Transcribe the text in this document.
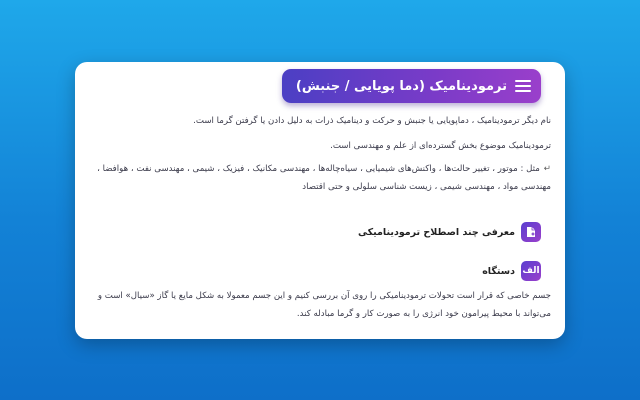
ترمودینامیک (دما پویایی / جنبش)

نام دیگر ترمودینامیک ، دماپویایی یا جنبش و حرکت و دینامیک ذرات به دلیل دادن یا گرفتن گرما است.

ترمودینامیک موضوع بخش گسترده‌ای از علم و مهندسی است.

↵مثل : موتور ، تغییر حالت‌ها ، واکنش‌های شیمیایی ، سیاه‌چاله‌ها ، مهندسی مکانیک ، فیزیک ، شیمی ، مهندسی نفت ، هوافضا ، مهندسی مواد ، مهندسی شیمی ، زیست شناسی سلولی و حتی اقتصاد

معرفی چند اصطلاح ترمودینامیکی
الف
دستگاه

جسم خاصی که قرار است تحولات ترمودینامیکی را روی آن بررسی کنیم و این جسم معمولا به شکل مایع یا گاز «سیال» است و می‌تواند با محیط پیرامون خود انرژی را به صورت کار و گرما مبادله کند.
